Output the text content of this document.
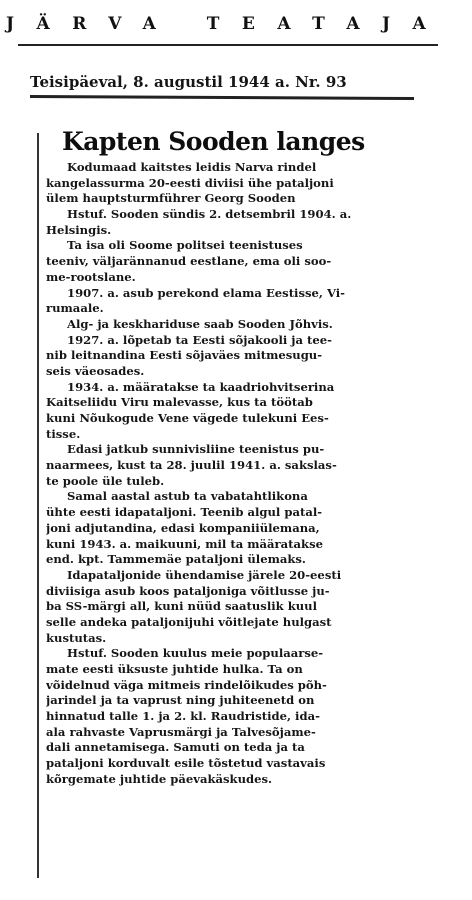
JÄRVA TEATAJA
Teisipäeval, 8. augustil 1944 a. Nr. 93
Kapten Sooden langes
Kodumaad kaitstes leidis Narva rindel
kangelassurma 20-eesti diviisi ühe pataljoni
ülem hauptsturmführer Georg Sooden
Hstuf. Sooden sündis 2. detsembril 1904. a.
Helsingis.
Ta isa oli Soome politsei teenistuses
teeniv, väljarännanud eestlane, ema oli soo-
me-rootslane.
1907. a. asub perekond elama Eestisse, Vi-
rumaale.
Alg- ja keskhariduse saab Sooden Jõhvis.
1927. a. lõpetab ta Eesti sõjakooli ja tee-
nib leitnandina Eesti sõjaväes mitmesugu-
seis väeosades.
1934. a. määratakse ta kaadriohvitserina
Kaitseliidu Viru malevasse, kus ta töötab
kuni Nõukogude Vene vägede tulekuni Ees-
tisse.
Edasi jatkub sunnivisliine teenistus pu-
naarmees, kust ta 28. juulil 1941. a. sakslas-
te poole üle tuleb.
Samal aastal astub ta vabatahtlikona
ühte eesti idapataljoni. Teenib algul patal-
joni adjutandina, edasi kompaniiülemana,
kuni 1943. a. maikuuni, mil ta määratakse
end. kpt. Tammemäe pataljoni ülemaks.
Idapataljonide ühendamise järele 20-eesti
diviisiga asub koos pataljoniga võitlusse ju-
ba SS-märgi all, kuni nüüd saatuslik kuul
selle andeka pataljonijuhi võitlejate hulgast
kustutas.
Hstuf. Sooden kuulus meie populaarse-
mate eesti üksuste juhtide hulka. Ta on
võidelnud väga mitmeis rindelõikudes põh-
jarindel ja ta vaprust ning juhiteenetd on
hinnatud talle 1. ja 2. kl. Raudristide, ida-
ala rahvaste Vaprusmärgi ja Talvesõjame-
dali annetamisega. Samuti on teda ja ta
pataljoni korduvalt esile tõstetud vastavais
kõrgemate juhtide päevakäskudes.
